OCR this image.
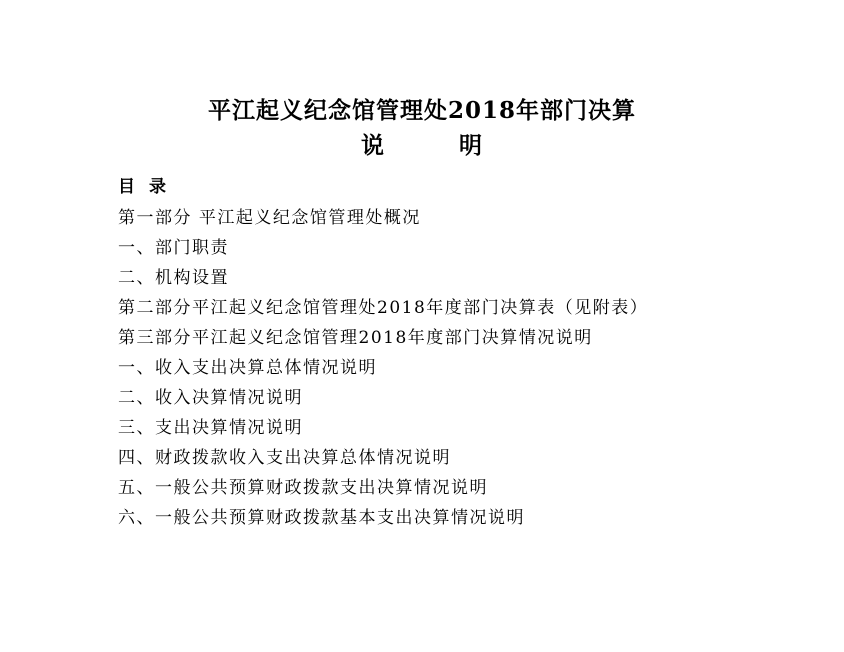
平江起义纪念馆管理处2018年部门决算
说	明
目 录
第一部分 平江起义纪念馆管理处概况
一、部门职责
二、机构设置
第二部分平江起义纪念馆管理处2018年度部门决算表（见附表）
第三部分平江起义纪念馆管理2018年度部门决算情况说明
一、收入支出决算总体情况说明
二、收入决算情况说明
三、支出决算情况说明
四、财政拨款收入支出决算总体情况说明
五、一般公共预算财政拨款支出决算情况说明
六、一般公共预算财政拨款基本支出决算情况说明
